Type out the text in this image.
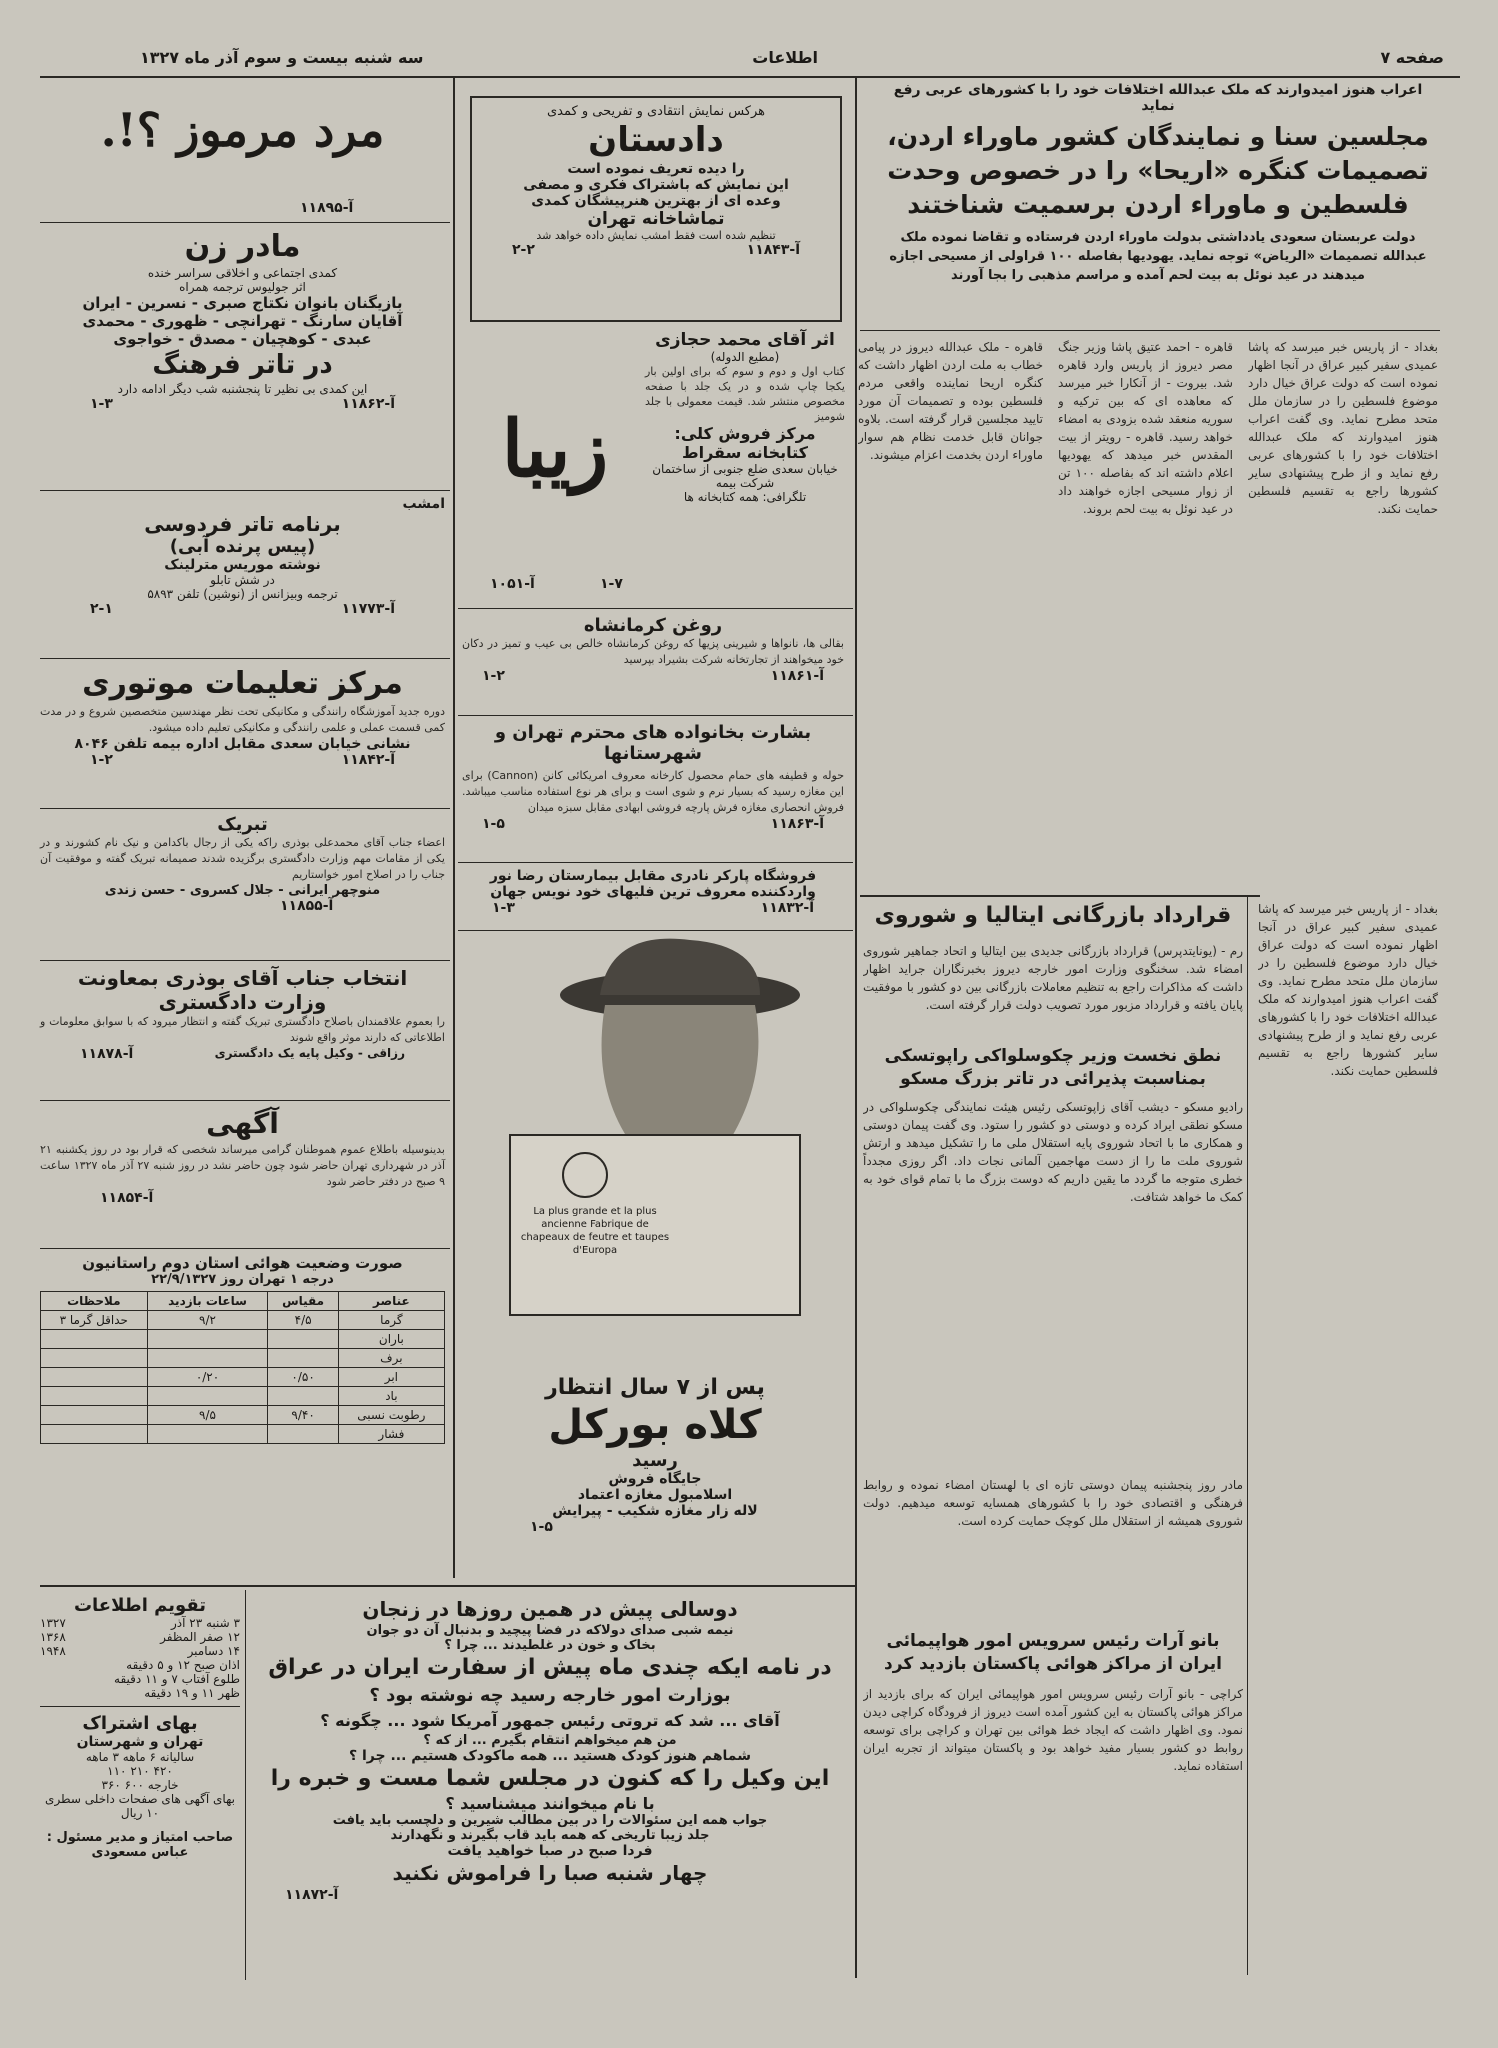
صفحه ۷
اطلاعات
سه شنبه بیست و سوم آذر ماه ۱۳۲۷
اعراب هنوز امیدوارند که ملک عبدالله اختلافات خود را با کشورهای عربی رفع نماید
مجلسین سنا و نمایندگان کشور ماوراء اردن، تصمیمات کنگره «اریحا» را در خصوص وحدت فلسطین و ماوراء اردن برسمیت شناختند
دولت عربستان سعودی یادداشتی بدولت ماوراء اردن فرستاده و تقاضا نموده ملک عبدالله تصمیمات «الریاض» توجه نماید. یهودیها بفاصله ۱۰۰ قراولی از مسیحی اجازه میدهند در عید نوئل به بیت لحم آمده و مراسم مذهبی را بجا آورند
بغداد - از پاریس خبر میرسد که پاشا عمیدی سفیر کبیر عراق در آنجا اظهار نموده است که دولت عراق خیال دارد موضوع فلسطین را در سازمان ملل متحد مطرح نماید. وی گفت اعراب هنوز امیدوارند که ملک عبدالله اختلافات خود را با کشورهای عربی رفع نماید و از طرح پیشنهادی سایر کشورها راجع به تقسیم فلسطین حمایت نکند.
قاهره - احمد عتیق پاشا وزیر جنگ مصر دیروز از پاریس وارد قاهره شد. بیروت - از آنکارا خبر میرسد که معاهده ای که بین ترکیه و سوریه منعقد شده بزودی به امضاء خواهد رسید. قاهره - رویتر از بیت المقدس خبر میدهد که یهودیها اعلام داشته اند که بفاصله ۱۰۰ تن از زوار مسیحی اجازه خواهند داد در عید نوئل به بیت لحم بروند.
قاهره - ملک عبدالله دیروز در پیامی خطاب به ملت اردن اظهار داشت که کنگره اریحا نماینده واقعی مردم فلسطین بوده و تصمیمات آن مورد تایید مجلسین قرار گرفته است. بلاوه جوانان قابل خدمت نظام هم سوار ماوراء اردن بخدمت اعزام میشوند.
قرارداد بازرگانی ایتالیا و شوروی
رم - (یونایتدپرس) قرارداد بازرگانی جدیدی بین ایتالیا و اتحاد جماهیر شوروی امضاء شد. سخنگوی وزارت امور خارجه دیروز بخبرنگاران جراید اظهار داشت که مذاکرات راجع به تنظیم معاملات بازرگانی بین دو کشور با موفقیت پایان یافته و قرارداد مزبور مورد تصویب دولت قرار گرفته است.
نطق نخست وزیر چکوسلواکی راپوتسکی بمناسبت پذیرائی در تاتر بزرگ مسکو
رادیو مسکو - دیشب آقای زاپوتسکی رئیس هیئت نمایندگی چکوسلواکی در مسکو نطقی ایراد کرده و دوستی دو کشور را ستود. وی گفت پیمان دوستی و همکاری ما با اتحاد شوروی پایه استقلال ملی ما را تشکیل میدهد و ارتش شوروی ملت ما را از دست مهاجمین آلمانی نجات داد. اگر روزی مجدداً خطری متوجه ما گردد ما یقین داریم که دوست بزرگ ما با تمام قوای خود به کمک ما خواهد شتافت.
مادر روز پنجشنبه پیمان دوستی تازه ای با لهستان امضاء نموده و روابط فرهنگی و اقتصادی خود را با کشورهای همسایه توسعه میدهیم. دولت شوروی همیشه از استقلال ملل کوچک حمایت کرده است.
بانو آرات رئیس سرویس امور هواپیمائی ایران از مراکز هوائی پاکستان بازدید کرد
کراچی - بانو آرات رئیس سرویس امور هواپیمائی ایران که برای بازدید از مراکز هوائی پاکستان به این کشور آمده است دیروز از فرودگاه کراچی دیدن نمود. وی اظهار داشت که ایجاد خط هوائی بین تهران و کراچی برای توسعه روابط دو کشور بسیار مفید خواهد بود و پاکستان میتواند از تجربه ایران استفاده نماید.
بغداد - از پاریس خبر میرسد که پاشا عمیدی سفیر کبیر عراق در آنجا اظهار نموده است که دولت عراق خیال دارد موضوع فلسطین را در سازمان ملل متحد مطرح نماید. وی گفت اعراب هنوز امیدوارند که ملک عبدالله اختلافات خود را با کشورهای عربی رفع نماید و از طرح پیشنهادی سایر کشورها راجع به تقسیم فلسطین حمایت نکند.
هرکس نمایش انتقادی و تفریحی و کمدی
دادستان
را دیده تعریف نموده است
این نمایش که باشتراک فکری و مصفی
وعده ای از بهترین هنرپیشگان کمدی
تماشاخانه تهران
تنظیم شده است فقط امشب نمایش داده خواهد شد
آ-۱۱۸۴۳
۲-۲
زیبا
اثر آقای محمد حجازی
(مطیع الدوله)
کتاب اول و دوم و سوم که برای اولین بار یکجا چاپ شده و در یک جلد با صفحه مخصوص منتشر شد. قیمت معمولی با جلد شومیز
مرکز فروش کلی:
کتابخانه سقراط
خیابان سعدی ضلع جنوبی از ساختمان شرکت بیمه
تلگرافی: همه کتابخانه ها
آ-۱۰۵۱	۱-۷
روغن کرمانشاه
بقالی ها، نانواها و شیرینی پزیها که روغن کرمانشاه خالص بی عیب و تمیز در دکان خود میخواهند از تجارتخانه شرکت بشیراد بپرسید
آ-۱۱۸۶۱
۱-۲
بشارت بخانواده های محترم تهران و شهرستانها
حوله و قطیفه های حمام محصول کارخانه معروف امریکائی کانن (Cannon) برای این مغازه رسید که بسیار نرم و شوی است و برای هر نوع استفاده مناسب میباشد. فروش انحصاری مغازه فرش پارچه فروشی ابهادی مقابل سبزه میدان
آ-۱۱۸۶۳
۱-۵
فروشگاه پارکر نادری مقابل بیمارستان رضا نور
واردکننده معروف ترین فلیهای خود نویس جهان
آ-۱۱۸۳۲
۱-۳
La plus grande et la plus ancienne Fabrique de chapeaux de feutre et taupes d'Europa
پس از ۷ سال انتظار
کلاه بورکل
رسید
جایگاه فروش
اسلامبول مغازه اعتماد
لاله زار مغازه شکیب - پیرایش
۱-۵
مرد مرموز ؟!.
آ-۱۱۸۹۵
مادر زن
کمدی اجتماعی و اخلاقی سراسر خنده
اثر جولیوس ترجمه همراه
بازیگنان بانوان نکتاج صبری - نسرین - ایران
آقایان سارنگ - تهرانچی - ظهوری - محمدی
عبدی - کوهچیان - مصدق - خواجوی
در تاتر فرهنگ
این کمدی بی نظیر تا پنجشنبه شب دیگر ادامه دارد
آ-۱۱۸۶۲
۱-۳
امشب
برنامه تاتر فردوسی
(پیس پرنده آبی)
نوشته موریس مترلینک
در شش تابلو
ترجمه وبیزانس از (نوشین) تلفن ۵۸۹۳
آ-۱۱۷۷۳
۲-۱
مرکز تعلیمات موتوری
دوره جدید آموزشگاه رانندگی و مکانیکی تحت نظر مهندسین متخصصین شروع و در مدت کمی قسمت عملی و علمی رانندگی و مکانیکی تعلیم داده میشود.
نشانی خیابان سعدی مقابل اداره بیمه تلفن ۸۰۴۶
آ-۱۱۸۴۲
۱-۲
تبریک
اعضاء جناب آقای محمدعلی بوذری راکه یکی از رجال باکدامن و نیک نام کشورند و در یکی از مقامات مهم وزارت دادگستری برگزیده شدند صمیمانه تبریک گفته و موفقیت آن جناب را در اصلاح امور خواستاریم
منوچهر ایرانی - جلال کسروی - حسن زندی
آ-۱۱۸۵۵
انتخاب جناب آقای بوذری بمعاونت
وزارت دادگستری
را بعموم علاقمندان باصلاح دادگستری تبریک گفته و انتظار میرود که با سوابق معلومات و اطلاعاتی که دارند موثر واقع شوند
رزاقی - وکیل پایه یک دادگستری
آ-۱۱۸۷۸
آگهی
بدینوسیله باطلاع عموم هموطنان گرامی میرساند شخصی که قرار بود در روز یکشنبه ۲۱ آذر در شهرداری تهران حاضر شود چون حاضر نشد در روز شنبه ۲۷ آذر ماه ۱۳۲۷ ساعت ۹ صبح در دفتر حاضر شود
آ-۱۱۸۵۴
صورت وضعیت هوائی استان دوم راستانیون
درجه ۱ تهران روز ۲۲/۹/۱۳۲۷
عناصر	مقیاس	ساعات بازدید	ملاحظات
گرما	۴/۵	۹/۲	حداقل گرما ۳
باران			
برف			
ابر	۰/۵۰	۰/۲۰	
باد			
رطوبت نسبی	۹/۴۰	۹/۵	
فشار			
تقویم اطلاعات
۳ شنبه ۲۳ آذر
۱۳۲۷
۱۲ صفر المظفر
۱۳۶۸
۱۴ دسامبر
۱۹۴۸
اذان صبح ۱۲ و ۵ دقیقه
طلوع آفتاب ۷ و ۱۱ دقیقه
ظهر ۱۱ و ۱۹ دقیقه
بهای اشتراک
تهران و شهرستان
سالیانه ۶ ماهه ۳ ماهه
۴۲۰ ۲۱۰ ۱۱۰
خارجه ۶۰۰ ۳۶۰
بهای آگهی های صفحات داخلی سطری ۱۰ ریال
صاحب امتیاز و مدیر مسئول : عباس مسعودی
دوسالی پیش در همین روزها در زنجان
نیمه شبی صدای دولاکه در فضا پیچید و بدنبال آن دو جوان
بخاک و خون در غلطیدند ... چرا ؟
در نامه ایکه چندی ماه پیش از سفارت ایران در عراق
بوزارت امور خارجه رسید چه نوشته بود ؟
آقای ... شد که تروتی رئیس جمهور آمریکا شود ... چگونه ؟
من هم میخواهم انتقام بگیرم ... از که ؟
شماهم هنوز کودک هستید ... همه ماکودک هستیم ... چرا ؟
این وکیل را که کنون در مجلس شما مست و خبره را
با نام میخوانند میشناسید ؟
جواب همه این سئوالات را در بین مطالب شیرین و دلچسب باید یافت
جلد زیبا تاریخی که همه باید قاب بگیرند و نگهدارند
فردا صبح در صبا خواهید یافت
چهار شنبه صبا را فراموش نکنید
آ-۱۱۸۷۲
